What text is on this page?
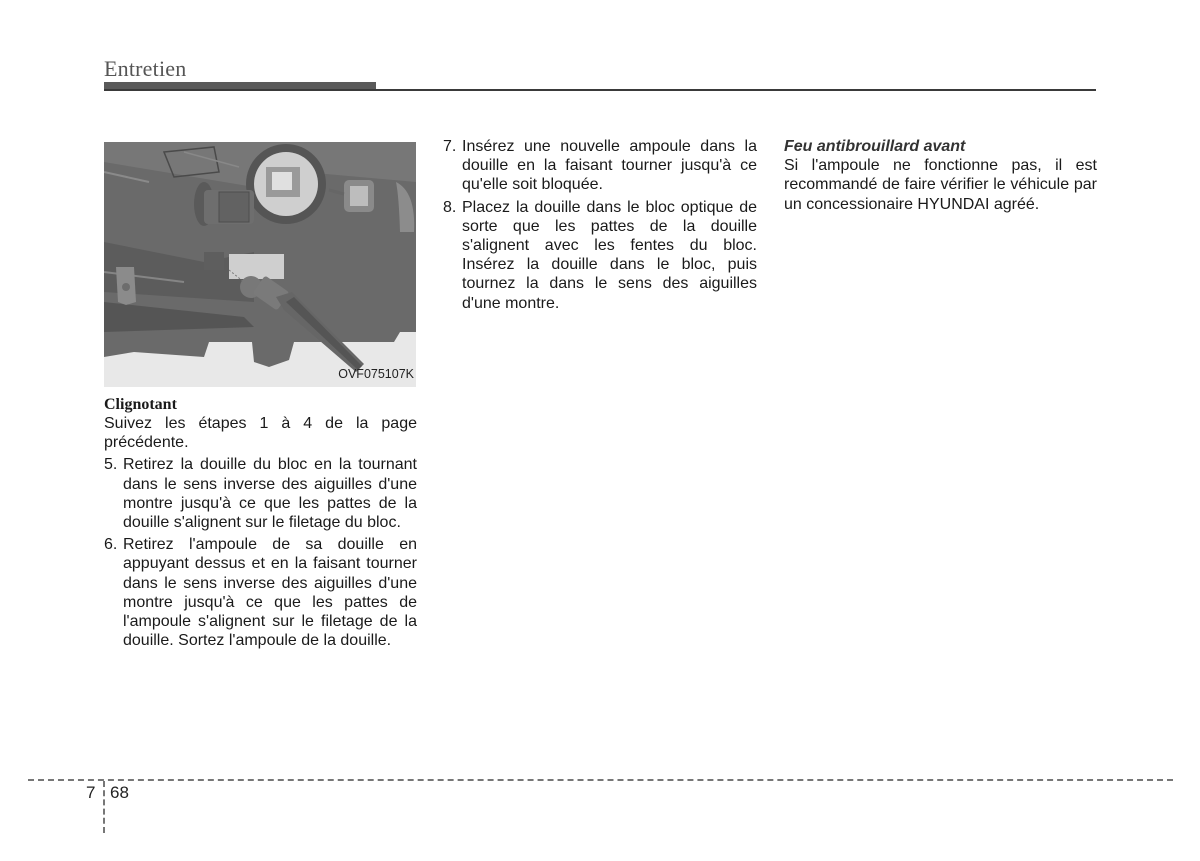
Entretien
OVF075107K
Clignotant

Suivez les étapes 1 à 4 de la page précédente.

5. Retirez la douille du bloc en la tournant dans le sens inverse des aiguilles d'une montre jusqu'à ce que les pattes de la douille s'alignent sur le filetage du bloc.
6. Retirez l'ampoule de sa douille en appuyant dessus et en la faisant tourner dans le sens inverse des aiguilles d'une montre jusqu'à ce que les pattes de l'ampoule s'alignent sur le filetage de la douille. Sortez l'ampoule de la douille.
7. Insérez une nouvelle ampoule dans la douille en la faisant tourner jusqu'à ce qu'elle soit bloquée.
8. Placez la douille dans le bloc optique de sorte que les pattes de la douille s'alignent avec les fentes du bloc. Insérez la douille dans le bloc, puis tournez la dans le sens des aiguilles d'une montre.
Feu antibrouillard avant

Si l'ampoule ne fonctionne pas, il est recommandé de faire vérifier le véhicule par un concessionaire HYUNDAI agréé.

7 68
